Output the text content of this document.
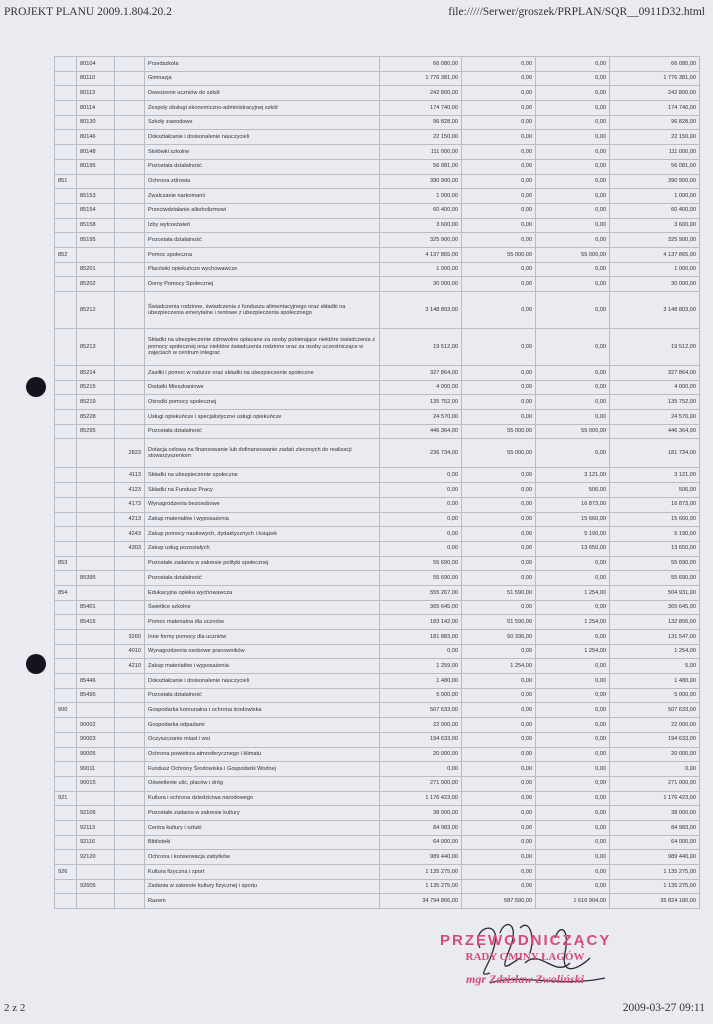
PROJEKT PLANU 2009.1.804.20.2	file://///Serwer/groszek/PRPLAN/SQR__0911D32.html
	80104		Przedszkola	66 080,00	0,00	0,00	66 080,00
	80110		Gimnazja	1 776 381,00	0,00	0,00	1 776 381,00
	80113		Dowożenie uczniów do szkół	242 800,00	0,00	0,00	242 800,00
	80114		Zespoły obsługi ekonomiczno-administracyjnej szkół	174 740,00	0,00	0,00	174 740,00
	80130		Szkoły zawodowe	96 828,00	0,00	0,00	96 828,00
	80146		Dokształcanie i doskonalenie nauczycieli	22 150,00	0,00	0,00	22 150,00
	80148		Stołówki szkolne	111 000,00	0,00	0,00	111 000,00
	80195		Pozostała działalność	56 081,00	0,00	0,00	56 081,00
851			Ochrona zdrowia	390 900,00	0,00	0,00	390 900,00
	85153		Zwalczanie narkomanii	1 000,00	0,00	0,00	1 000,00
	85154		Przeciwdziałanie alkoholizmowi	60 400,00	0,00	0,00	60 400,00
	85158		Izby wytrzeźwień	3 600,00	0,00	0,00	3 600,00
	85195		Pozostała działalność	325 900,00	0,00	0,00	325 900,00
852			Pomoc społeczna	4 137 865,00	55 000,00	55 000,00	4 137 865,00
	85201		Placówki opiekuńczo wychowawcze	1 000,00	0,00	0,00	1 000,00
	85202		Domy Pomocy Społecznej	30 000,00	0,00	0,00	30 000,00
	85212		Świadczenia rodzinne, świadczenia z funduszu alimentacyjnego oraz składki na ubezpieczenia emerytalne i rentowe z ubezpieczenia społecznego	3 148 803,00	0,00	0,00	3 148 803,00
	85213		Składki na ubezpieczenie zdrowotne opłacane za osoby pobierające niektóre świadczenia z pomocy społecznej oraz niektóre świadczenia rodzinne oraz za osoby uczestniczące w zajęciach w centrum integrac	19 512,00	0,00	0,00	19 512,00
	85214		Zasiłki i pomoc w naturze oraz składki na ubezpieczenie społeczne	327 864,00	0,00	0,00	327 864,00
	85215		Dodatki Mieszkaniowe	4 000,00	0,00	0,00	4 000,00
	85219		Ośrodki pomocy społecznej	135 752,00	0,00	0,00	135 752,00
	85228		Usługi opiekuńcze i specjalistyczne usługi opiekuńcze	24 570,00	0,00	0,00	24 570,00
	85295		Pozostała działalność	446 364,00	55 000,00	55 000,00	446 364,00
		2823	Dotacja celowa na finansowanie lub dofinansowanie zadań zleconych do realizacji stowarzyszeniom	236 734,00	55 000,00	0,00	181 734,00
		4113	Składki na ubezpieczenie społeczne	0,00	0,00	3 121,00	3 121,00
		4123	Składki na Fundusz Pracy	0,00	0,00	506,00	506,00
		4173	Wynagrodzenia bezosobowe	0,00	0,00	16 873,00	16 873,00
		4213	Zakup materiałów i wyposażenia	0,00	0,00	15 660,00	15 660,00
		4243	Zakup pomocy naukowych, dydaktycznych i książek	0,00	0,00	5 190,00	5 190,00
		4303	Zakup usług pozostałych	0,00	0,00	13 650,00	13 650,00
853			Pozostałe zadania w zakresie polityki społecznej	55 690,00	0,00	0,00	55 690,00
	85395		Pozostała działalność	55 690,00	0,00	0,00	55 690,00
854			Edukacyjna opieka wychowawcza	555 267,00	51 590,00	1 254,00	504 931,00
	85401		Świetlice szkolne	365 645,00	0,00	0,00	365 645,00
	85415		Pomoc materialna dla uczniów	183 142,00	51 590,00	1 254,00	132 806,00
		3260	Inne formy pomocy dla uczniów	181 883,00	50 336,00	0,00	131 547,00
		4010	Wynagrodzenia osobowe pracowników	0,00	0,00	1 254,00	1 254,00
		4210	Zakup materiałów i wyposażenia	1 259,00	1 254,00	0,00	5,00
	85446		Dokształcanie i doskonalenie nauczycieli	1 480,00	0,00	0,00	1 480,00
	85495		Pozostała działalność	5 000,00	0,00	0,00	5 000,00
900			Gospodarka komunalna i ochrona środowiska	507 633,00	0,00	0,00	507 633,00
	90002		Gospodarka odpadami	22 000,00	0,00	0,00	22 000,00
	90003		Oczyszczanie miast i wsi	194 633,00	0,00	0,00	194 633,00
	90005		Ochrona powietrza atmosferycznego i klimatu	20 000,00	0,00	0,00	20 000,00
	90011		Fundusz Ochrony Środowiska i Gospodarki Wodnej	0,00	0,00	0,00	0,00
	90015		Oświetlenie ulic, placów i dróg	271 000,00	0,00	0,00	271 000,00
921			Kultura i ochrona dziedzictwa narodowego	1 176 423,00	0,00	0,00	1 176 423,00
	92105		Pozostałe zadania w zakresie kultury	38 000,00	0,00	0,00	38 000,00
	92113		Centra kultury i sztuki	84 983,00	0,00	0,00	84 983,00
	92116		Biblioteki	64 000,00	0,00	0,00	64 000,00
	92120		Ochrona i konserwacja zabytków	989 440,00	0,00	0,00	989 440,00
926			Kultura fizyczna i sport	1 135 275,00	0,00	0,00	1 135 275,00
	92605		Zadania w zakresie kultury fizycznej i sportu	1 135 275,00	0,00	0,00	1 135 275,00
			Razem	34 794 866,00	587 590,00	1 616 904,00	35 824 180,00
PRZEWODNICZĄCY
RADY GMINY ŁAGÓW
mgr Zdzisław Zwoliński
2 z 2	2009-03-27 09:11
